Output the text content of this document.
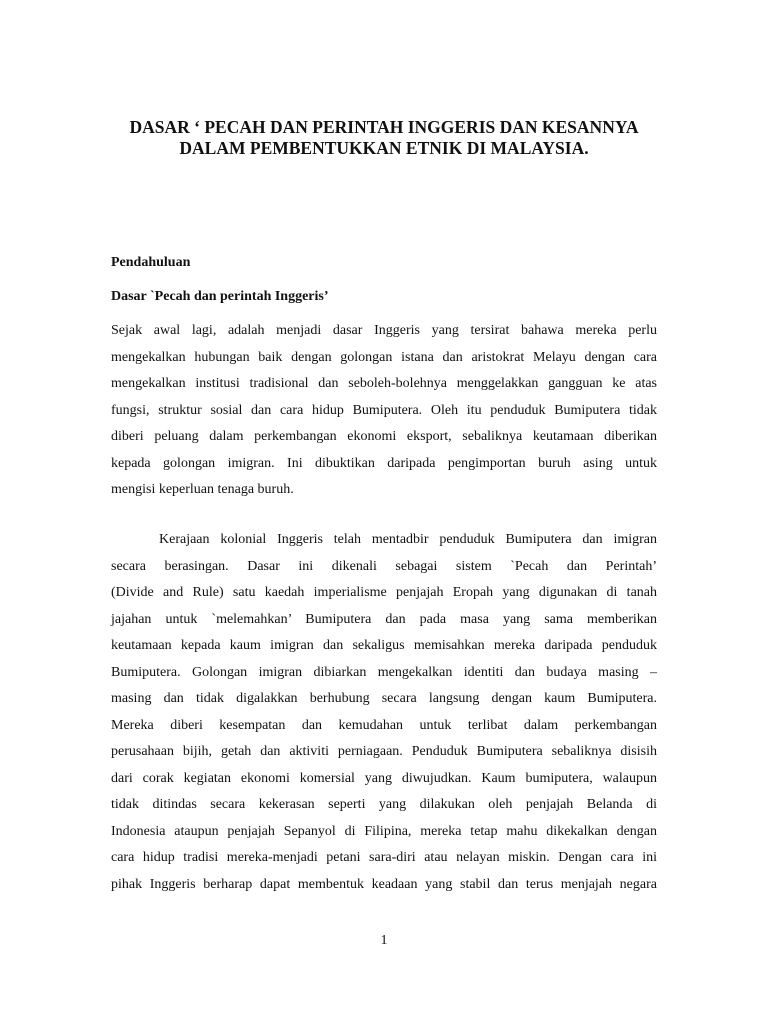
DASAR ‘ PECAH DAN PERINTAH INGGERIS DAN KESANNYA
DALAM PEMBENTUKKAN ETNIK DI MALAYSIA.

Pendahuluan

Dasar `Pecah dan perintah Inggeris’

Sejak awal lagi, adalah menjadi dasar Inggeris yang tersirat bahawa mereka perlu
mengekalkan hubungan baik dengan golongan istana dan aristokrat Melayu dengan cara
mengekalkan institusi tradisional dan seboleh-bolehnya menggelakkan gangguan ke atas
fungsi, struktur sosial dan cara hidup Bumiputera. Oleh itu penduduk Bumiputera tidak
diberi peluang dalam perkembangan ekonomi eksport, sebaliknya keutamaan diberikan
kepada golongan imigran. Ini dibuktikan daripada pengimportan buruh asing untuk
mengisi keperluan tenaga buruh.

Kerajaan kolonial Inggeris telah mentadbir penduduk Bumiputera dan imigran
secara berasingan. Dasar ini dikenali sebagai sistem `Pecah dan Perintah’
(Divide and Rule) satu kaedah imperialisme penjajah Eropah yang digunakan di tanah
jajahan untuk `melemahkan’ Bumiputera dan pada masa yang sama memberikan
keutamaan kepada kaum imigran dan sekaligus memisahkan mereka daripada penduduk
Bumiputera. Golongan imigran dibiarkan mengekalkan identiti dan budaya masing –
masing dan tidak digalakkan berhubung secara langsung dengan kaum Bumiputera.
Mereka diberi kesempatan dan kemudahan untuk terlibat dalam perkembangan
perusahaan bijih, getah dan aktiviti perniagaan. Penduduk Bumiputera sebaliknya disisih
dari corak kegiatan ekonomi komersial yang diwujudkan. Kaum bumiputera, walaupun
tidak ditindas secara kekerasan seperti yang dilakukan oleh penjajah Belanda di
Indonesia ataupun penjajah Sepanyol di Filipina, mereka tetap mahu dikekalkan dengan
cara hidup tradisi mereka-menjadi petani sara-diri atau nelayan miskin. Dengan cara ini
pihak Inggeris berharap dapat membentuk keadaan yang stabil dan terus menjajah negara

1
